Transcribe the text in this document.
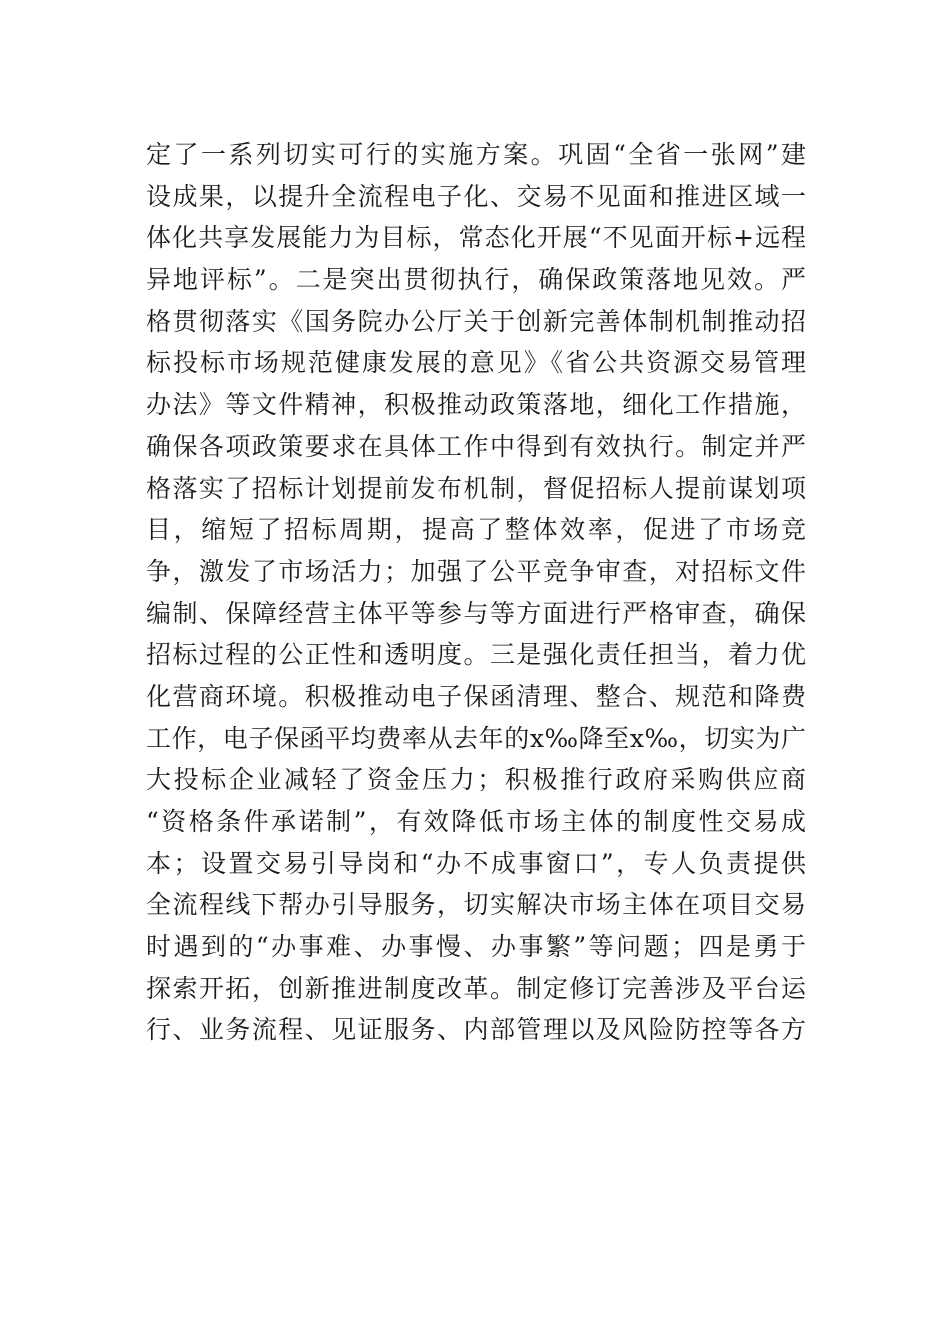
定了一系列切实可行的实施方案。巩固“全省一张网”建
设成果，以提升全流程电子化、交易不见面和推进区域一
体化共享发展能力为目标，常态化开展“不见面开标+远程
异地评标”。二是突出贯彻执行，确保政策落地见效。严
格贯彻落实《国务院办公厅关于创新完善体制机制推动招
标投标市场规范健康发展的意见》《省公共资源交易管理
办法》等文件精神，积极推动政策落地，细化工作措施，
确保各项政策要求在具体工作中得到有效执行。制定并严
格落实了招标计划提前发布机制，督促招标人提前谋划项
目，缩短了招标周期，提高了整体效率，促进了市场竞
争，激发了市场活力；加强了公平竞争审查，对招标文件
编制、保障经营主体平等参与等方面进行严格审查，确保
招标过程的公正性和透明度。三是强化责任担当，着力优
化营商环境。积极推动电子保函清理、整合、规范和降费
工作，电子保函平均费率从去年的x‰降至x‰，切实为广
大投标企业减轻了资金压力；积极推行政府采购供应商
“资格条件承诺制”，有效降低市场主体的制度性交易成
本；设置交易引导岗和“办不成事窗口”，专人负责提供
全流程线下帮办引导服务，切实解决市场主体在项目交易
时遇到的“办事难、办事慢、办事繁”等问题；四是勇于
探索开拓，创新推进制度改革。制定修订完善涉及平台运
行、业务流程、见证服务、内部管理以及风险防控等各方
